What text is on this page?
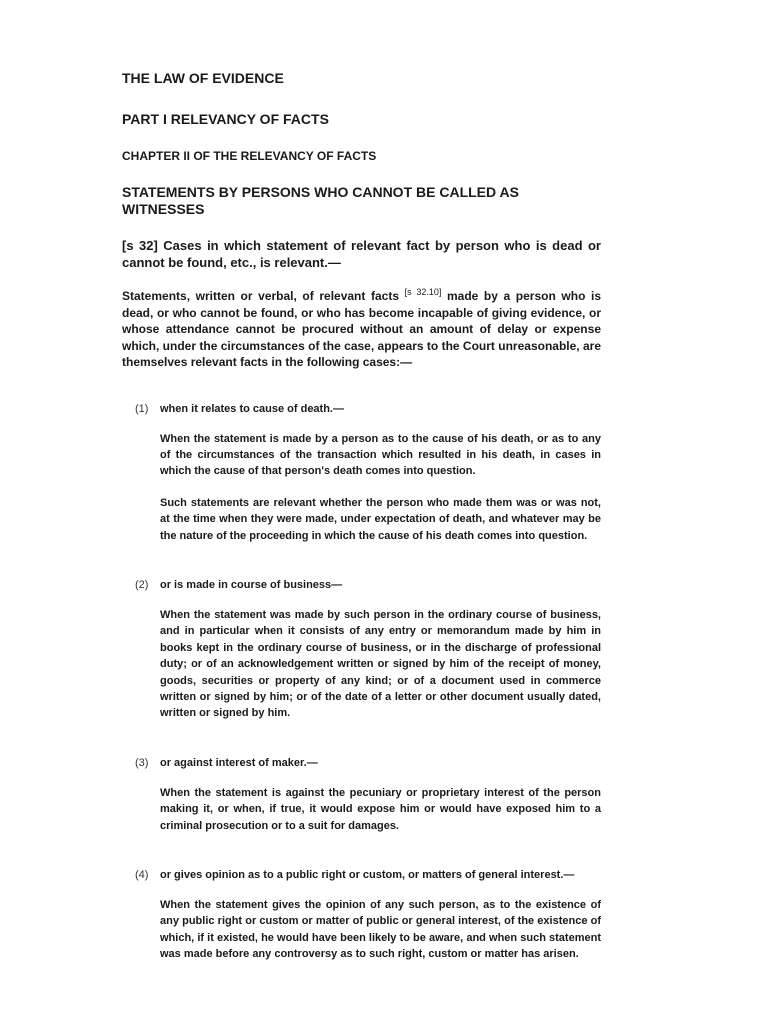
THE LAW OF EVIDENCE

PART I RELEVANCY OF FACTS

CHAPTER II OF THE RELEVANCY OF FACTS

STATEMENTS BY PERSONS WHO CANNOT BE CALLED AS WITNESSES

[s 32] Cases in which statement of relevant fact by person who is dead or cannot be found, etc., is relevant.—

Statements, written or verbal, of relevant facts [s 32.10] made by a person who is dead, or who cannot be found, or who has become incapable of giving evidence, or whose attendance cannot be procured without an amount of delay or expense which, under the circumstances of the case, appears to the Court unreasonable, are themselves relevant facts in the following cases:—

(1) when it relates to cause of death.—

When the statement is made by a person as to the cause of his death, or as to any of the circumstances of the transaction which resulted in his death, in cases in which the cause of that person's death comes into question.

Such statements are relevant whether the person who made them was or was not, at the time when they were made, under expectation of death, and whatever may be the nature of the proceeding in which the cause of his death comes into question.

(2) or is made in course of business—

When the statement was made by such person in the ordinary course of business, and in particular when it consists of any entry or memorandum made by him in books kept in the ordinary course of business, or in the discharge of professional duty; or of an acknowledgement written or signed by him of the receipt of money, goods, securities or property of any kind; or of a document used in commerce written or signed by him; or of the date of a letter or other document usually dated, written or signed by him.

(3) or against interest of maker.—

When the statement is against the pecuniary or proprietary interest of the person making it, or when, if true, it would expose him or would have exposed him to a criminal prosecution or to a suit for damages.

(4) or gives opinion as to a public right or custom, or matters of general interest.—

When the statement gives the opinion of any such person, as to the existence of any public right or custom or matter of public or general interest, of the existence of which, if it existed, he would have been likely to be aware, and when such statement was made before any controversy as to such right, custom or matter has arisen.
